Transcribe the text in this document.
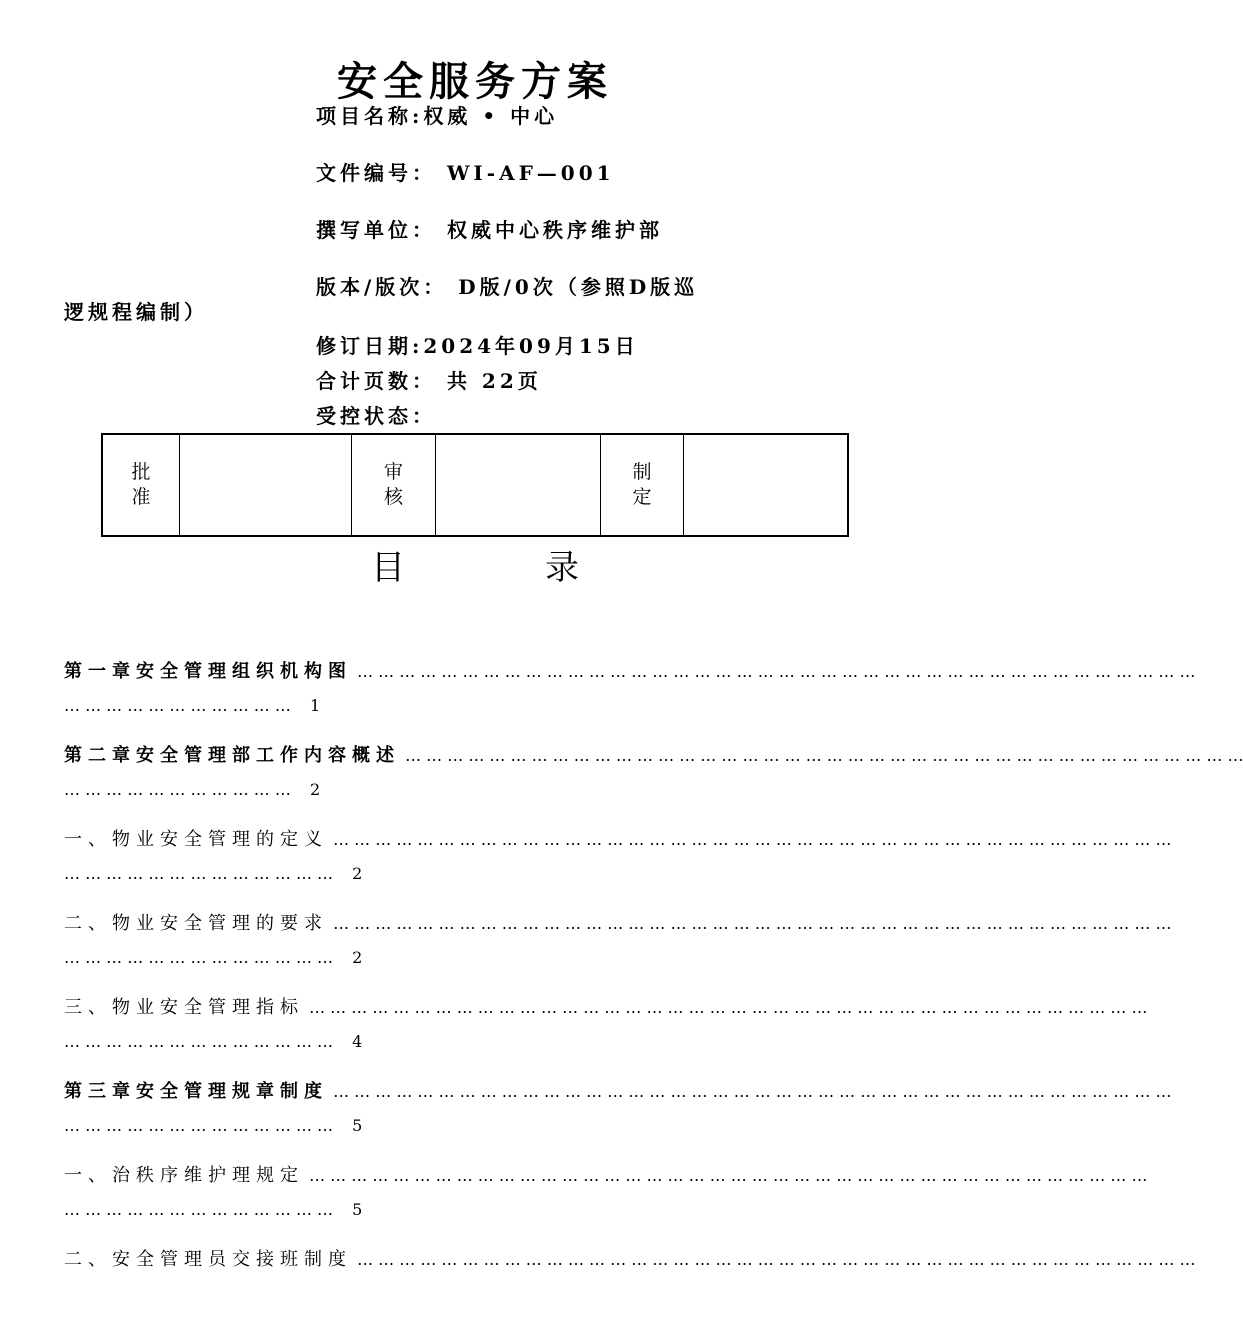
安全服务方案
项目名称:权威 • 中心
文件编号： WI-AF—001
撰写单位： 权威中心秩序维护部
版本/版次： D版/0次（参照D版巡
逻规程编制）
修订日期:2024年09月15日
合计页数： 共 22页
受控状态：
批准
审核
制定
目	录
第一章安全管理组织机构图 … … … … … … … … … … … … … … … … … … … … … … … … … … … … … … … … … … … … … … … …
… … … … … … … … … … … 1
第二章安全管理部工作内容概述 … … … … … … … … … … … … … … … … … … … … … … … … … … … … … … … … … … … … … … … …
… … … … … … … … … … … 2
一、物业安全管理的定义 … … … … … … … … … … … … … … … … … … … … … … … … … … … … … … … … … … … … … … … …
… … … … … … … … … … … … … 2
二、物业安全管理的要求 … … … … … … … … … … … … … … … … … … … … … … … … … … … … … … … … … … … … … … … …
… … … … … … … … … … … … … 2
三、物业安全管理指标 … … … … … … … … … … … … … … … … … … … … … … … … … … … … … … … … … … … … … … … …
… … … … … … … … … … … … … 4
第三章安全管理规章制度 … … … … … … … … … … … … … … … … … … … … … … … … … … … … … … … … … … … … … … … …
… … … … … … … … … … … … … 5
一、治秩序维护理规定 … … … … … … … … … … … … … … … … … … … … … … … … … … … … … … … … … … … … … … … …
… … … … … … … … … … … … … 5
二、安全管理员交接班制度 … … … … … … … … … … … … … … … … … … … … … … … … … … … … … … … … … … … … … … … …
